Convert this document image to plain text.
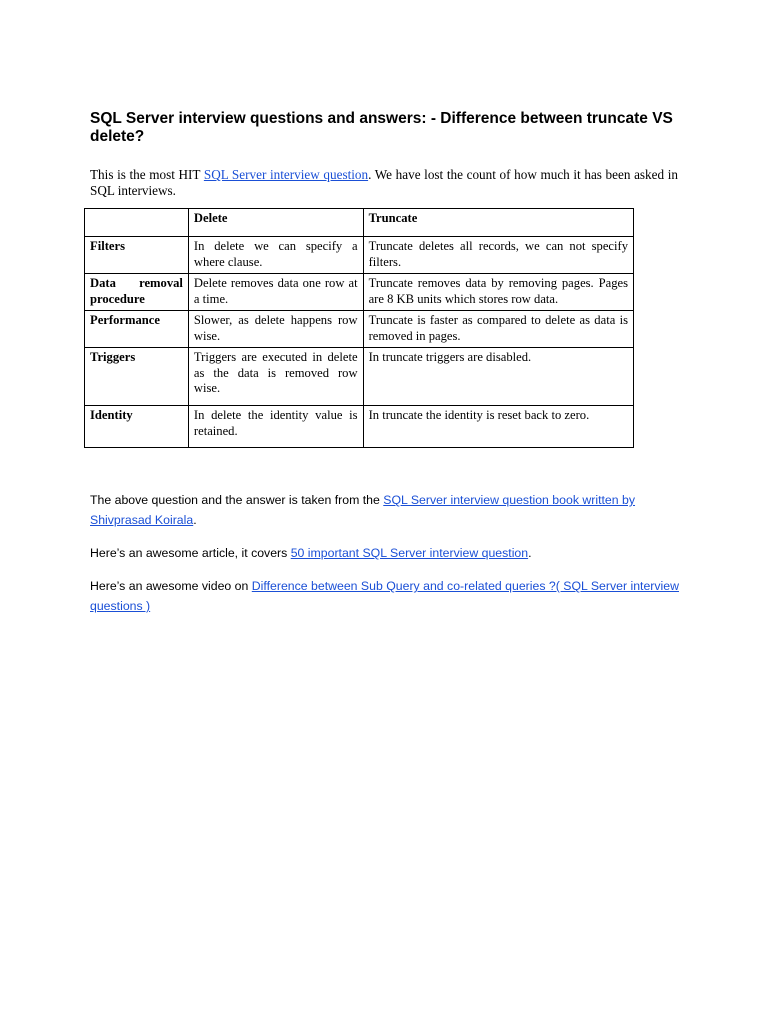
SQL Server interview questions and answers: - Difference between truncate VS delete?

This is the most HIT SQL Server interview question. We have lost the count of how much it has been asked in SQL interviews.

	Delete	Truncate
Filters	In delete we can specify a where clause.	Truncate deletes all records, we can not specify filters.
Data removal procedure	Delete removes data one row at a time.	Truncate removes data by removing pages. Pages are 8 KB units which stores row data.
Performance	Slower, as delete happens row wise.	Truncate is faster as compared to delete as data is removed in pages.
Triggers	Triggers are executed in delete as the data is removed row wise.	In truncate triggers are disabled.
Identity	In delete the identity value is retained.	In truncate the identity is reset back to zero.

The above question and the answer is taken from the SQL Server interview question book written by Shivprasad Koirala.

Here’s an awesome article, it covers 50 important SQL Server interview question.

Here’s an awesome video on Difference between Sub Query and co-related queries ?( SQL Server interview questions )
